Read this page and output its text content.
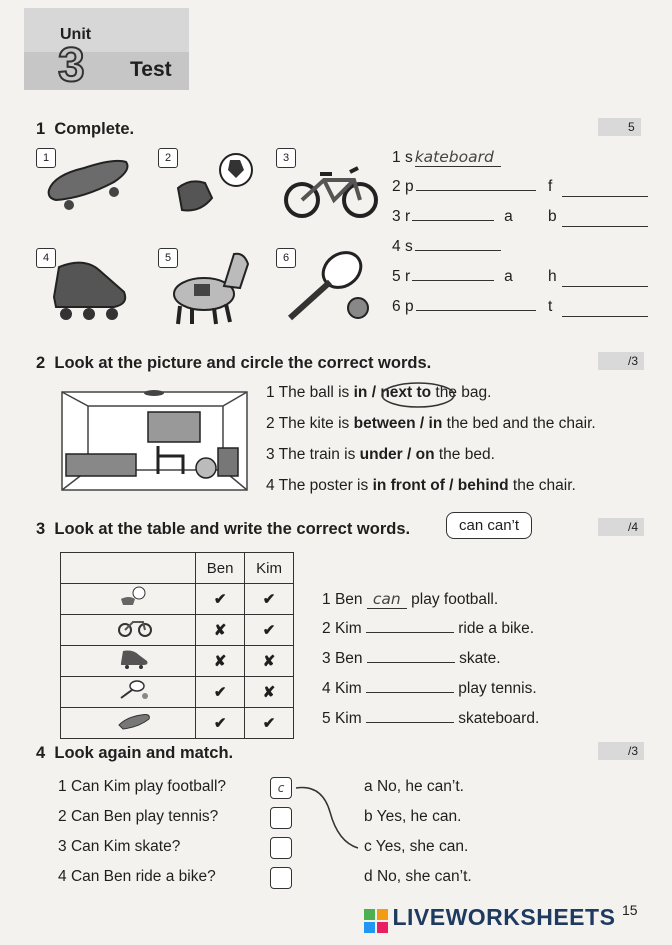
Unit
3 Test
1 Complete.	5
1	2	3
4	5	6
1 s kateboard
2 p	f
3 r	a b
4 s
5 r	a h
6 p	t
2 Look at the picture and circle the correct words.	/3
1 The ball is in / next to the bag.
2 The kite is between / in the bed and the chair.
3 The train is under / on the bed.
4 The poster is in front of / behind the chair.
3 Look at the table and write the correct words.	can can’t	/4
	Ben	Kim
	✔	✔
	✘	✔
	✘	✘
	✔	✘
	✔	✔
1 Ben can play football.
2 Kim	ride a bike.
3 Ben	skate.
4 Kim	play tennis.
5 Kim	skateboard.
4 Look again and match.	/3
1 Can Kim play football?	c
2 Can Ben play tennis?
3 Can Kim skate?
4 Can Ben ride a bike?
a No, he can’t.
b Yes, he can.
c Yes, she can.
d No, she can’t.
LIVEWORKSHEETS 15
